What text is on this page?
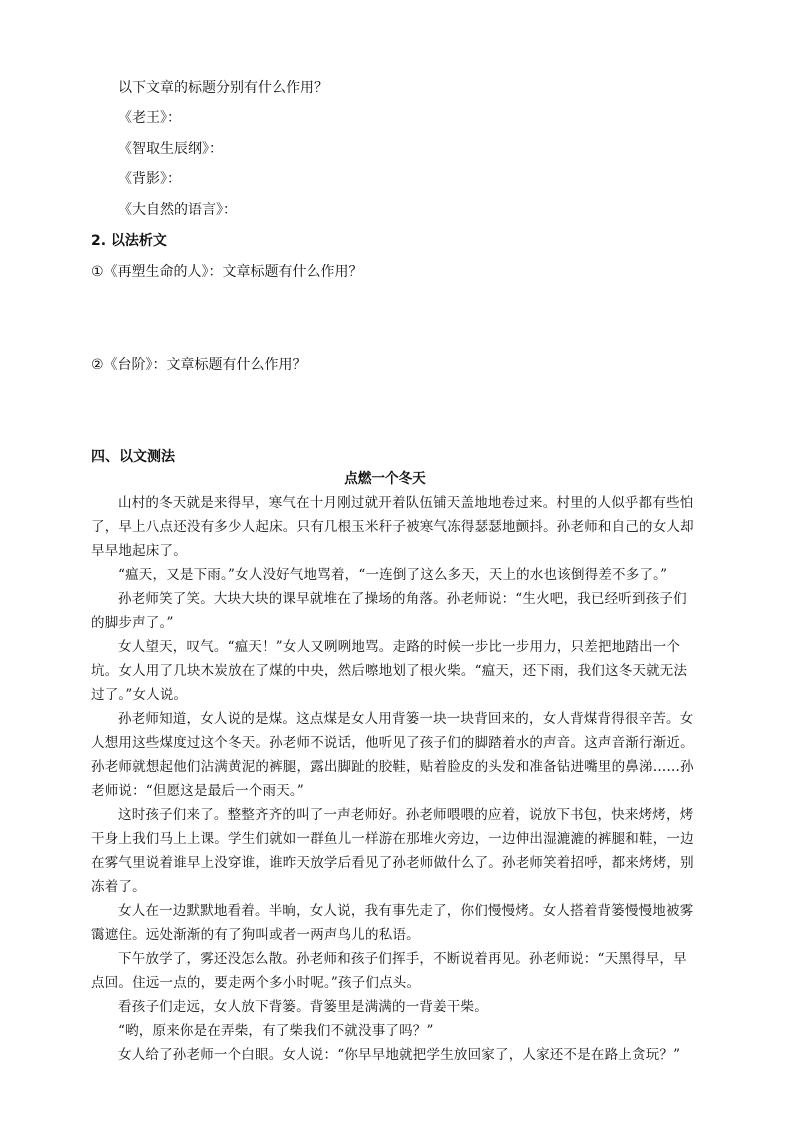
以下文章的标题分别有什么作用？
《老王》：
《智取生辰纲》：
《背影》：
《大自然的语言》：
2. 以法析文
①《再塑生命的人》：文章标题有什么作用？
②《台阶》：文章标题有什么作用？
四、以文测法
点燃一个冬天
山村的冬天就是来得早，寒气在十月刚过就开着队伍铺天盖地地卷过来。村里的人似乎都有些怕
了，早上八点还没有多少人起床。只有几根玉米秆子被寒气冻得瑟瑟地颤抖。孙老师和自己的女人却
早早地起床了。
“瘟天，又是下雨。”女人没好气地骂着，“一连倒了这么多天，天上的水也该倒得差不多了。”
孙老师笑了笑。大块大块的课早就堆在了操场的角落。孙老师说：“生火吧，我已经听到孩子们
的脚步声了。”
女人望天，叹气。“瘟天！”女人又咧咧地骂。走路的时候一步比一步用力，只差把地踏出一个
坑。女人用了几块木炭放在了煤的中央，然后嚓地划了根火柴。“瘟天，还下雨，我们这冬天就无法
过了。”女人说。
孙老师知道，女人说的是煤。这点煤是女人用背篓一块一块背回来的，女人背煤背得很辛苦。女
人想用这些煤度过这个冬天。孙老师不说话，他听见了孩子们的脚踏着水的声音。这声音渐行渐近。
孙老师就想起他们沾满黄泥的裤腿，露出脚趾的胶鞋，贴着脸皮的头发和准备钻进嘴里的鼻涕……孙
老师说：“但愿这是最后一个雨天。”
这时孩子们来了。整整齐齐的叫了一声老师好。孙老师喂喂的应着，说放下书包，快来烤烤，烤
干身上我们马上上课。学生们就如一群鱼儿一样游在那堆火旁边，一边伸出湿漉漉的裤腿和鞋，一边
在雾气里说着谁早上没穿谁，谁昨天放学后看见了孙老师做什么了。孙老师笑着招呼，都来烤烤，别
冻着了。
女人在一边默默地看着。半晌，女人说，我有事先走了，你们慢慢烤。女人搭着背篓慢慢地被雾
霭遮住。远处渐渐的有了狗叫或者一两声鸟儿的私语。
下午放学了，雾还没怎么散。孙老师和孩子们挥手，不断说着再见。孙老师说：“天黑得早，早
点回。住远一点的，要走两个多小时呢。”孩子们点头。
看孩子们走远，女人放下背篓。背篓里是满满的一背姜干柴。
“哟，原来你是在弄柴，有了柴我们不就没事了吗？”
女人给了孙老师一个白眼。女人说：“你早早地就把学生放回家了，人家还不是在路上贪玩？”
